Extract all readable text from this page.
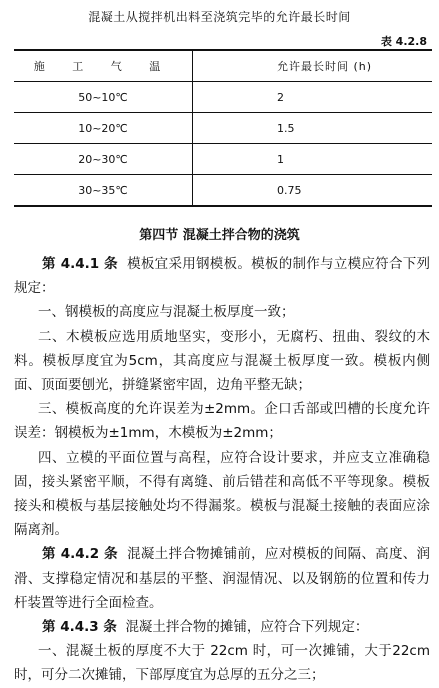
混凝土从搅拌机出料至浇筑完毕的允许最长时间
表 4.2.8
施 工 气 温	允许最长时间 (h)
50~10℃	2
10~20℃	1.5
20~30℃	1
30~35℃	0.75
第四节 混凝土拌合物的浇筑

第 4.4.1 条 模板宜采用钢模板。模板的制作与立模应符合下列规定：

一、钢模板的高度应与混凝土板厚度一致；

二、木模板应选用质地坚实，变形小，无腐朽、扭曲、裂纹的木料。模板厚度宜为5cm，其高度应与混凝土板厚度一致。模板内侧面、顶面要刨光，拼缝紧密牢固，边角平整无缺；

三、模板高度的允许误差为±2mm。企口舌部或凹槽的长度允许误差：钢模板为±1mm，木模板为±2mm；

四、立模的平面位置与高程，应符合设计要求，并应支立准确稳固，接头紧密平顺，不得有离缝、前后错茬和高低不平等现象。模板接头和模板与基层接触处均不得漏浆。模板与混凝土接触的表面应涂隔离剂。

第 4.4.2 条 混凝土拌合物摊铺前，应对模板的间隔、高度、润滑、支撑稳定情况和基层的平整、润湿情况、以及钢筋的位置和传力杆装置等进行全面检查。

第 4.4.3 条 混凝土拌合物的摊铺，应符合下列规定：

一、混凝土板的厚度不大于 22cm 时，可一次摊铺，大于22cm 时，可分二次摊铺，下部厚度宜为总厚的五分之三；
